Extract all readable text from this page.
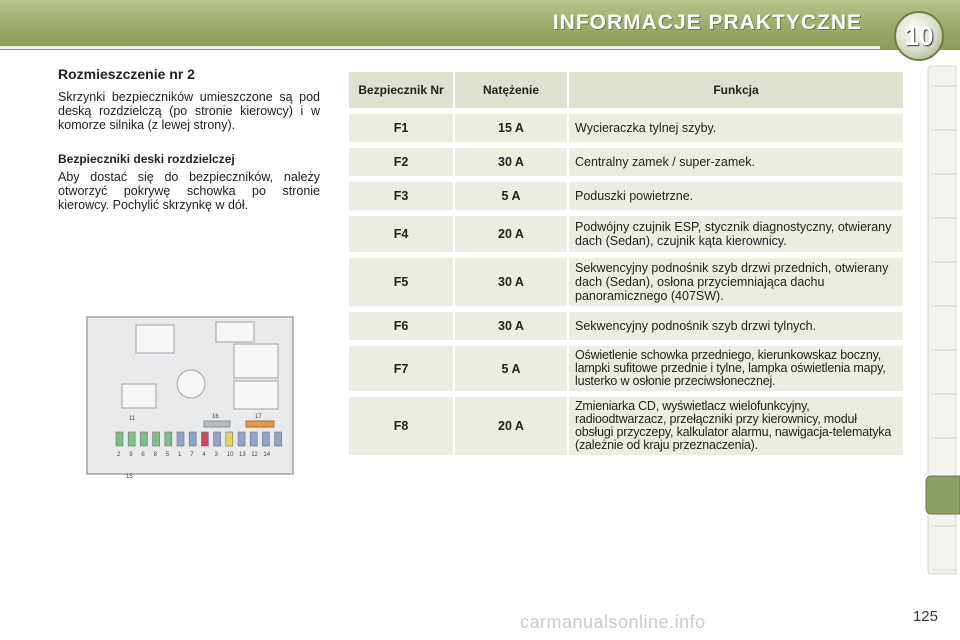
INFORMACJE PRAKTYCZNE	10
Rozmieszczenie nr 2
Skrzynki bezpieczników umieszczone są pod deską rozdzielczą (po stronie kierowcy) i w komorze silnika (z lewej strony).
Bezpieczniki deski rozdzielczej
Aby dostać się do bezpieczników, należy otworzyć pokrywę schowka po stronie kierowcy. Pochylić skrzynkę w dół.
2 9 6 8 5 1 7 4 3 10 13 12 14
11	16	17
15
Bezpiecznik Nr	Natężenie	Funkcja
F1	15 A	Wycieraczka tylnej szyby.
F2	30 A	Centralny zamek / super-zamek.
F3	5 A	Poduszki powietrzne.
F4	20 A	Podwójny czujnik ESP, stycznik diagnostyczny, otwierany dach (Sedan), czujnik kąta kierownicy.
F5	30 A	Sekwencyjny podnośnik szyb drzwi przednich, otwierany dach (Sedan), osłona przyciemniająca dachu panoramicznego (407SW).
F6	30 A	Sekwencyjny podnośnik szyb drzwi tylnych.
F7	5 A	Oświetlenie schowka przedniego, kierunkowskaz boczny, lampki sufitowe przednie i tylne, lampka oświetlenia mapy, lusterko w osłonie przeciwsłonecznej.
F8	20 A	Zmieniarka CD, wyświetlacz wielofunkcyjny, radioodtwarzacz, przełączniki przy kierownicy, moduł obsługi przyczepy, kalkulator alarmu, nawigacja-telematyka (zależnie od kraju przeznaczenia).
125
carmanualsonline.info
